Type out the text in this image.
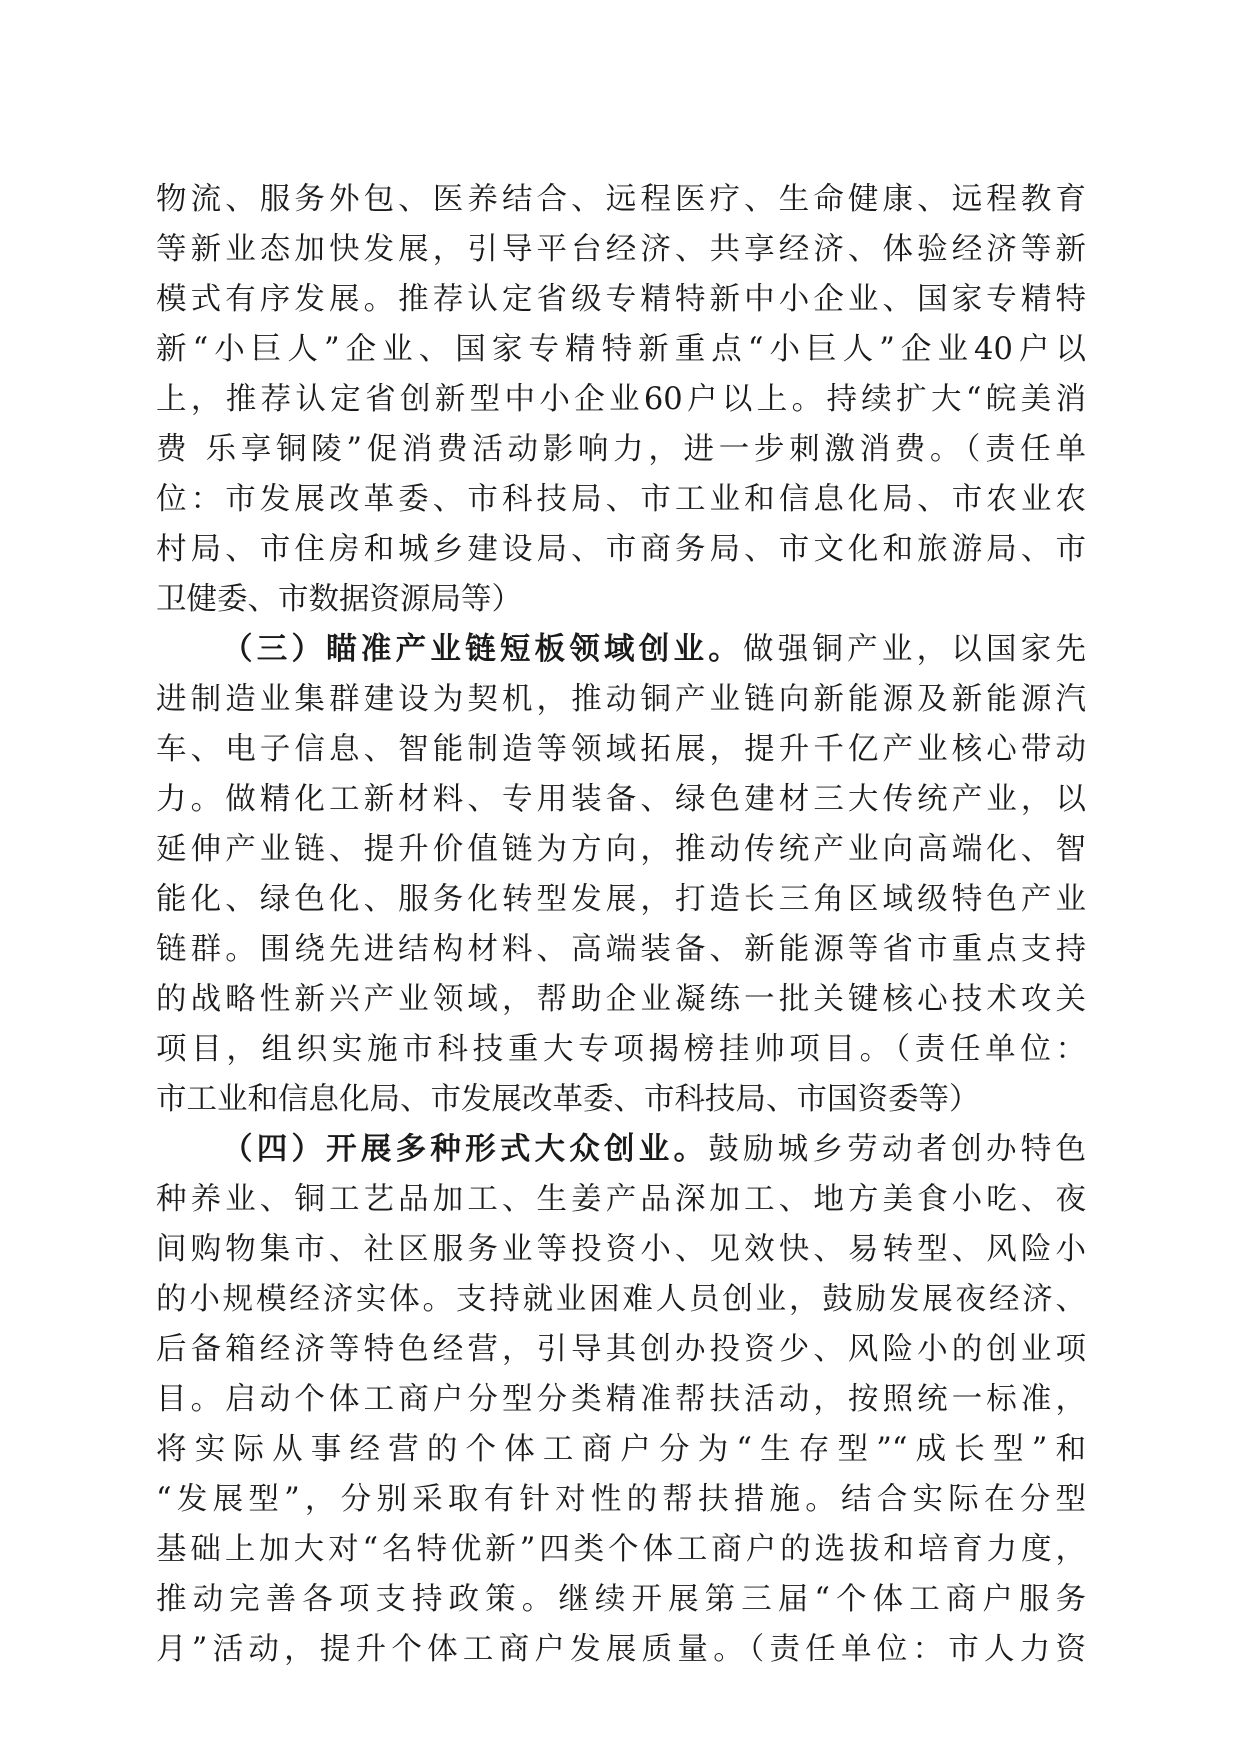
物流、服务外包、医养结合、远程医疗、生命健康、远程教育
等新业态加快发展，引导平台经济、共享经济、体验经济等新
模式有序发展。推荐认定省级专精特新中小企业、国家专精特
新“小巨人”企业、国家专精特新重点“小巨人”企业40户以
上，推荐认定省创新型中小企业60户以上。持续扩大“皖美消
费 乐享铜陵”促消费活动影响力，进一步刺激消费。（责任单
位：市发展改革委、市科技局、市工业和信息化局、市农业农
村局、市住房和城乡建设局、市商务局、市文化和旅游局、市
卫健委、市数据资源局等）
（三）瞄准产业链短板领域创业。做强铜产业，以国家先
进制造业集群建设为契机，推动铜产业链向新能源及新能源汽
车、电子信息、智能制造等领域拓展，提升千亿产业核心带动
力。做精化工新材料、专用装备、绿色建材三大传统产业，以
延伸产业链、提升价值链为方向，推动传统产业向高端化、智
能化、绿色化、服务化转型发展，打造长三角区域级特色产业
链群。围绕先进结构材料、高端装备、新能源等省市重点支持
的战略性新兴产业领域，帮助企业凝练一批关键核心技术攻关
项目，组织实施市科技重大专项揭榜挂帅项目。（责任单位：
市工业和信息化局、市发展改革委、市科技局、市国资委等）
（四）开展多种形式大众创业。鼓励城乡劳动者创办特色
种养业、铜工艺品加工、生姜产品深加工、地方美食小吃、夜
间购物集市、社区服务业等投资小、见效快、易转型、风险小
的小规模经济实体。支持就业困难人员创业，鼓励发展夜经济、
后备箱经济等特色经营，引导其创办投资少、风险小的创业项
目。启动个体工商户分型分类精准帮扶活动，按照统一标准，
将实际从事经营的个体工商户分为“生存型”“成长型”和
“发展型”，分别采取有针对性的帮扶措施。结合实际在分型
基础上加大对“名特优新”四类个体工商户的选拔和培育力度，
推动完善各项支持政策。继续开展第三届“个体工商户服务
月”活动，提升个体工商户发展质量。（责任单位：市人力资
